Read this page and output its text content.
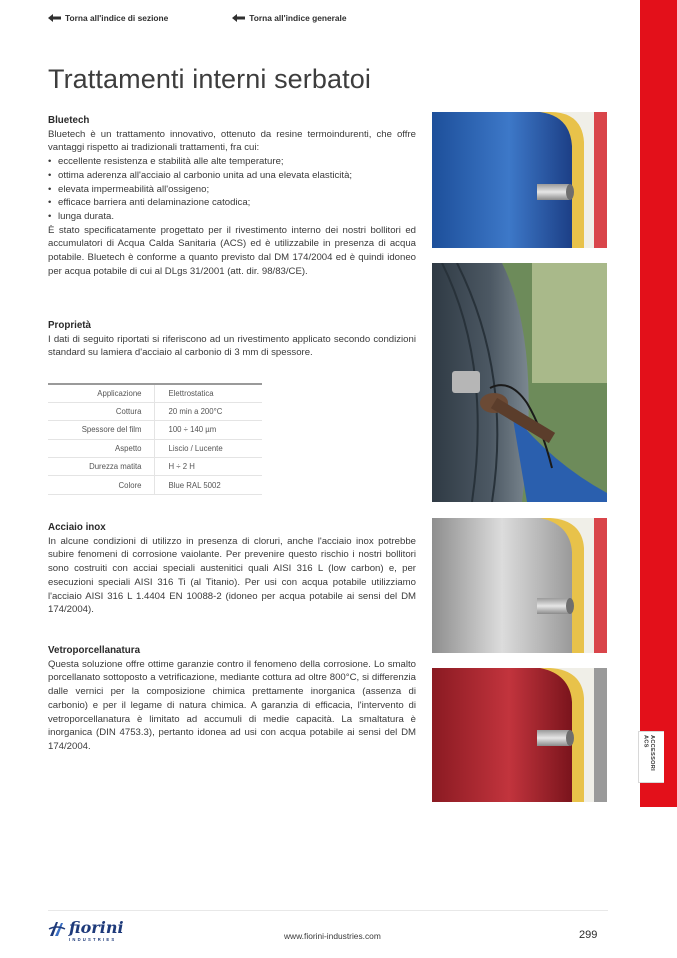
Torna all'indice di sezione	Torna all'indice generale
ACCESSORI
ACS
Trattamenti interni serbatoi
Bluetech

Bluetech è un trattamento innovativo, ottenuto da resine termoindurenti, che offre vantaggi rispetto ai tradizionali trattamenti, fra cui:

• eccellente resistenza e stabilità alle alte temperature;
• ottima aderenza all'acciaio al carbonio unita ad una elevata elasticità;
• elevata impermeabilità all'ossigeno;
• efficace barriera anti delaminazione catodica;
• lunga durata.

È stato specificatamente progettato per il rivestimento interno dei nostri bollitori ed accumulatori di Acqua Calda Sanitaria (ACS) ed è utilizzabile in presenza di acqua potabile. Bluetech è conforme a quanto previsto dal DM 174/2004 ed è quindi idoneo per acqua potabile di cui al DLgs 31/2001 (att. dir. 98/83/CE).

Proprietà

I dati di seguito riportati si riferiscono ad un rivestimento applicato secondo condizioni standard su lamiera d'acciaio al carbonio di 3 mm di spessore.

Applicazione	Elettrostatica
Cottura	20 min a 200°C
Spessore del film	100 ÷ 140 µm
Aspetto	Liscio / Lucente
Durezza matita	H ÷ 2 H
Colore	Blue RAL 5002
Acciaio inox

In alcune condizioni di utilizzo in presenza di cloruri, anche l'acciaio inox potrebbe subire fenomeni di corrosione vaiolante. Per prevenire questo rischio i nostri bollitori sono costruiti con acciai speciali austenitici quali AISI 316 L (low carbon) e, per esecuzioni speciali AISI 316 Ti (al Titanio). Per usi con acqua potabile utilizziamo l'acciaio AISI 316 L 1.4404 EN 10088-2 (idoneo per acqua potabile ai sensi del DM 174/2004).

Vetroporcellanatura

Questa soluzione offre ottime garanzie contro il fenomeno della corrosione. Lo smalto porcellanato sottoposto a vetrificazione, mediante cottura ad oltre 800°C, si differenzia dalle vernici per la composizione chimica prettamente inorganica (assenza di carbonio) e per il legame di natura chimica. A garanzia di efficacia, l'intervento di vetroporcellanatura è limitato ad accumuli di medie capacità. La smaltatura è inorganica (DIN 4753.3), pertanto idonea ad usi con acqua potabile ai sensi del DM 174/2004.

fiorini
INDUSTRIES	www.fiorini-industries.com	299
